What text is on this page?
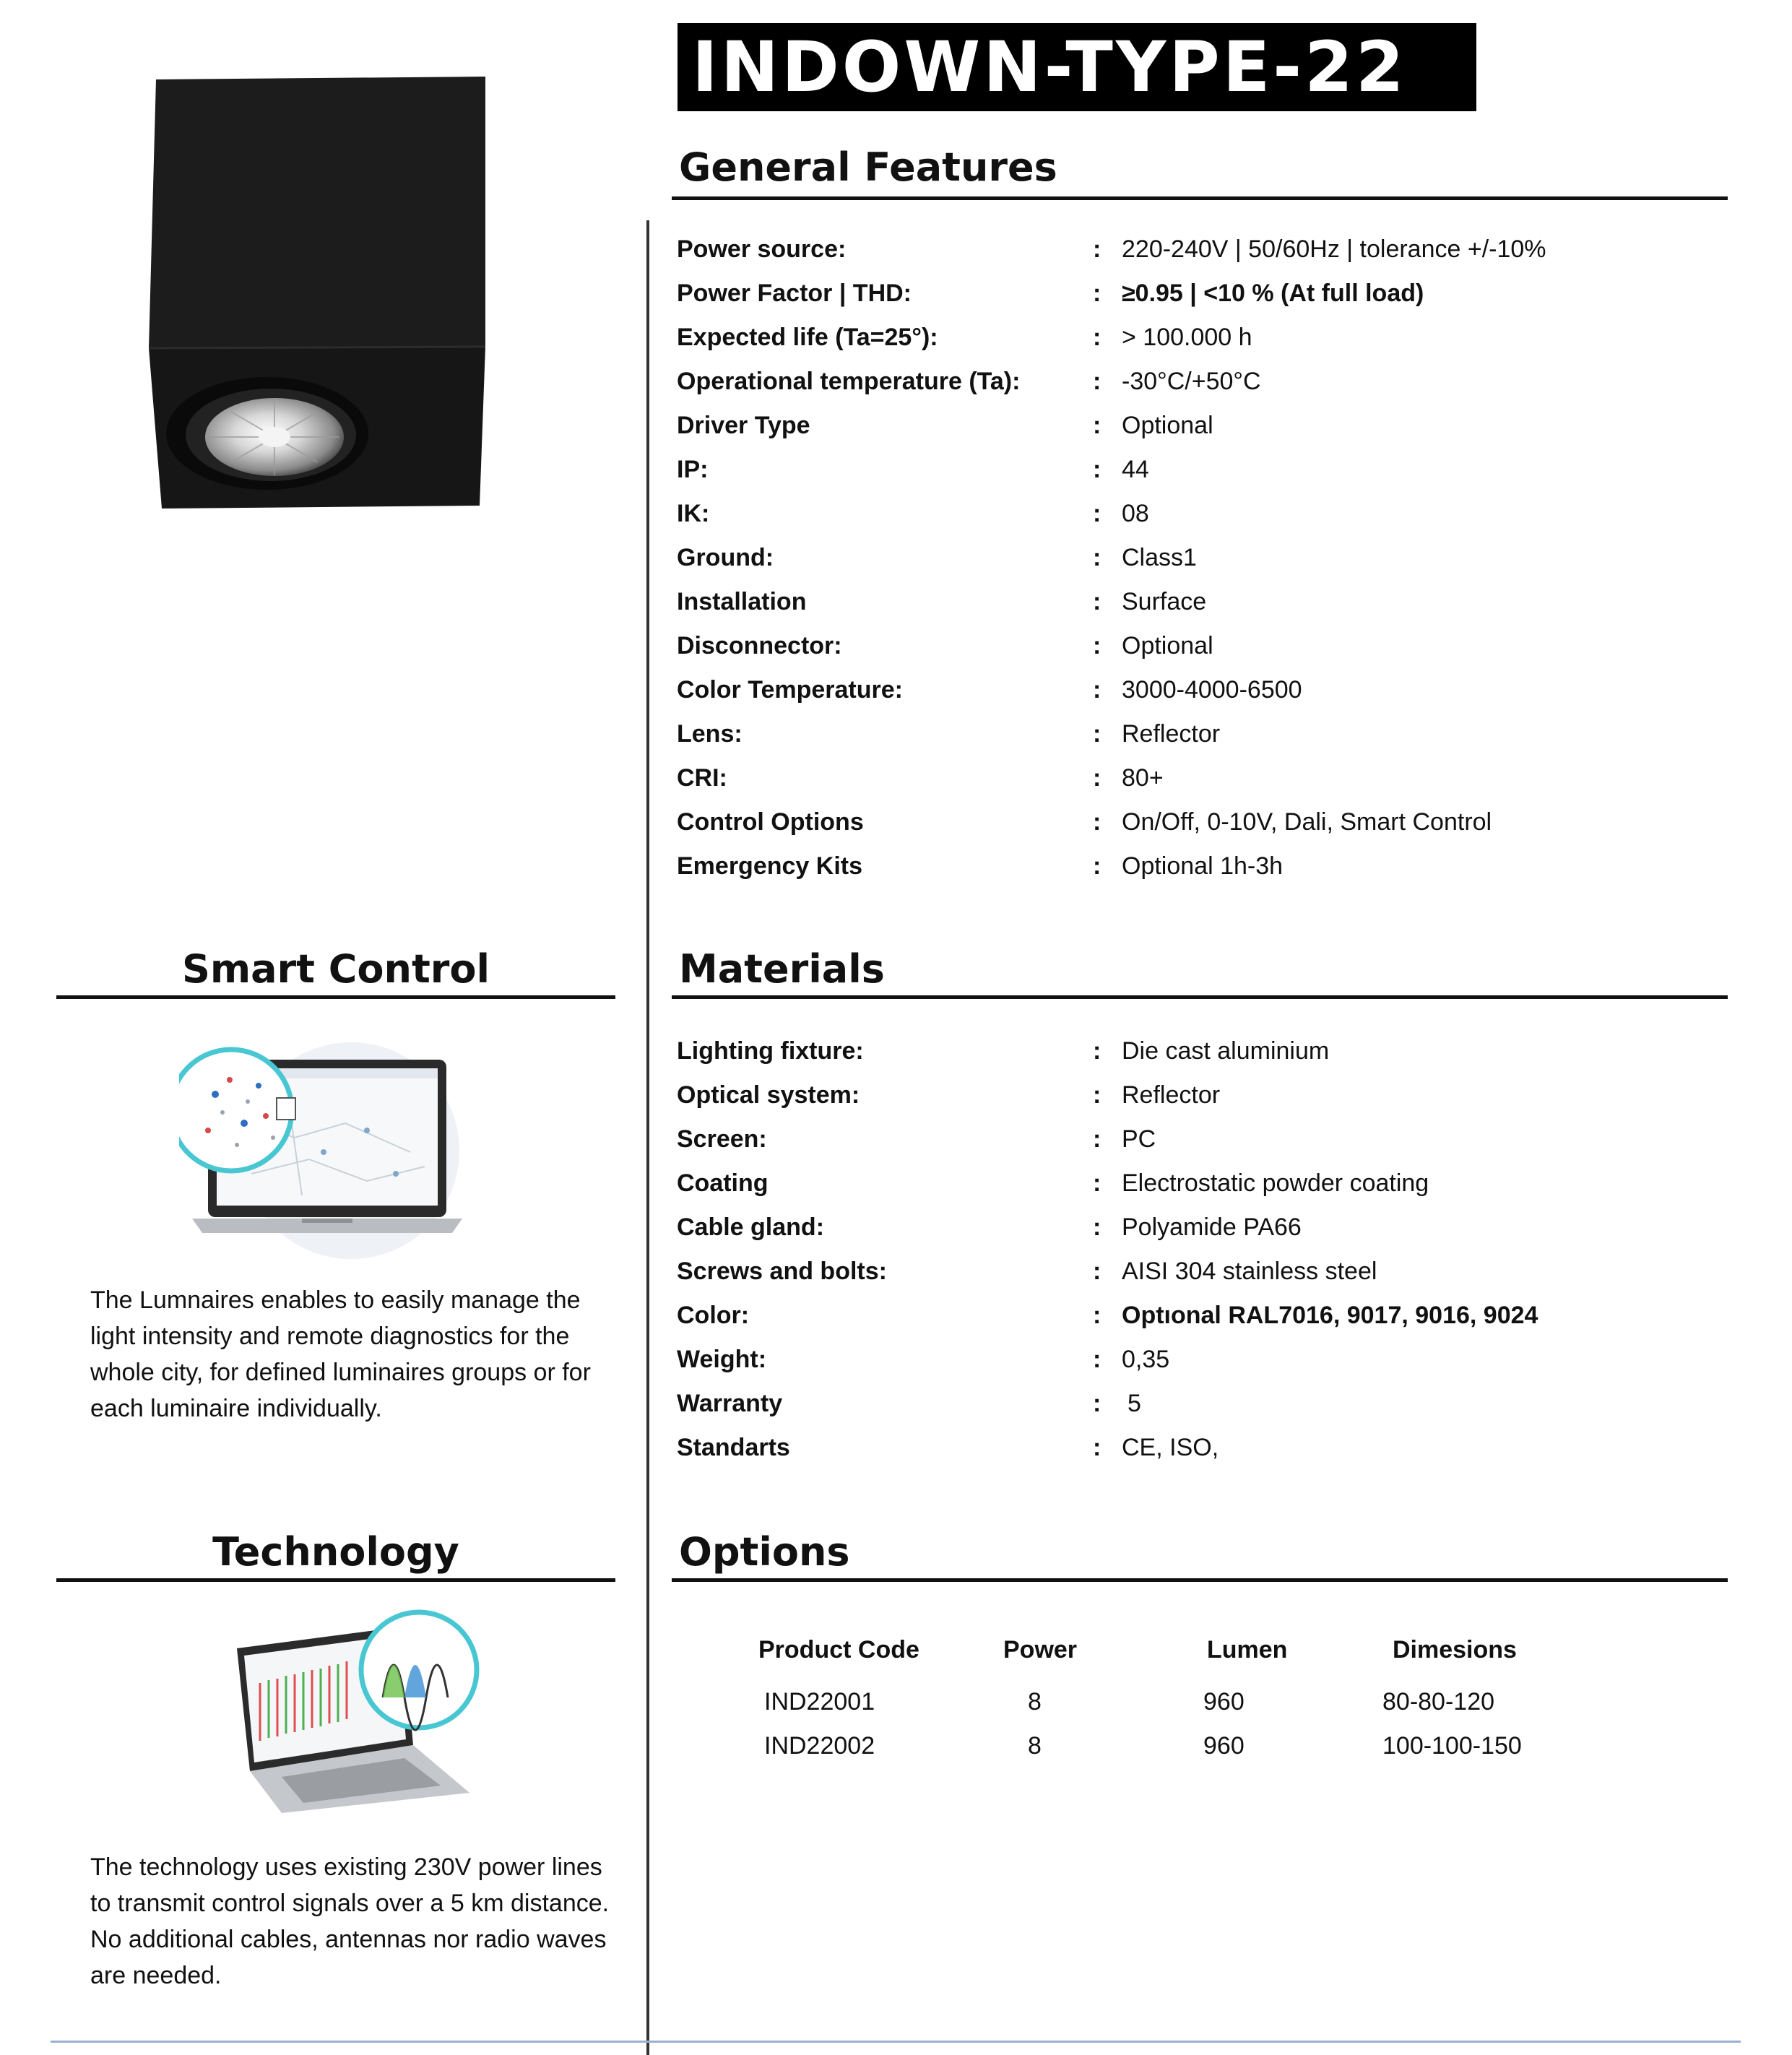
INDOWN-TYPE-22
General Features
Power source:	: 220-240V | 50/60Hz | tolerance +/-10%
Power Factor | THD:	: ≥0.95 | <10 % (At full load)
Expected life (Ta=25°):	: > 100.000 h
Operational temperature (Ta):	: -30°C/+50°C
Driver Type	: Optional
IP:	: 44
IK:	: 08
Ground:	: Class1
Installation	: Surface
Disconnector:	: Optional
Color Temperature:	: 3000-4000-6500
Lens:	: Reflector
CRI:	: 80+
Control Options	: On/Off, 0-10V, Dali, Smart Control
Emergency Kits	: Optional 1h-3h
Smart Control
The Lumnaires enables to easily manage the light intensity and remote diagnostics for the whole city, for defined luminaires groups or for each luminaire individually.
Technology
The technology uses existing 230V power lines to transmit control signals over a 5 km distance. No additional cables, antennas nor radio waves are needed.
Materials
Lighting fixture:	: Die cast aluminium
Optical system:	: Reflector
Screen:	: PC
Coating	: Electrostatic powder coating
Cable gland:	: Polyamide PA66
Screws and bolts:	: AISI 304 stainless steel
Color:	: Optıonal RAL7016, 9017, 9016, 9024
Weight:	: 0,35
Warranty	: 5
Standarts	: CE, ISO,
Options
Product Code	Power	Lumen	Dimesions
IND22001	8	960	80-80-120
IND22002	8	960	100-100-150
